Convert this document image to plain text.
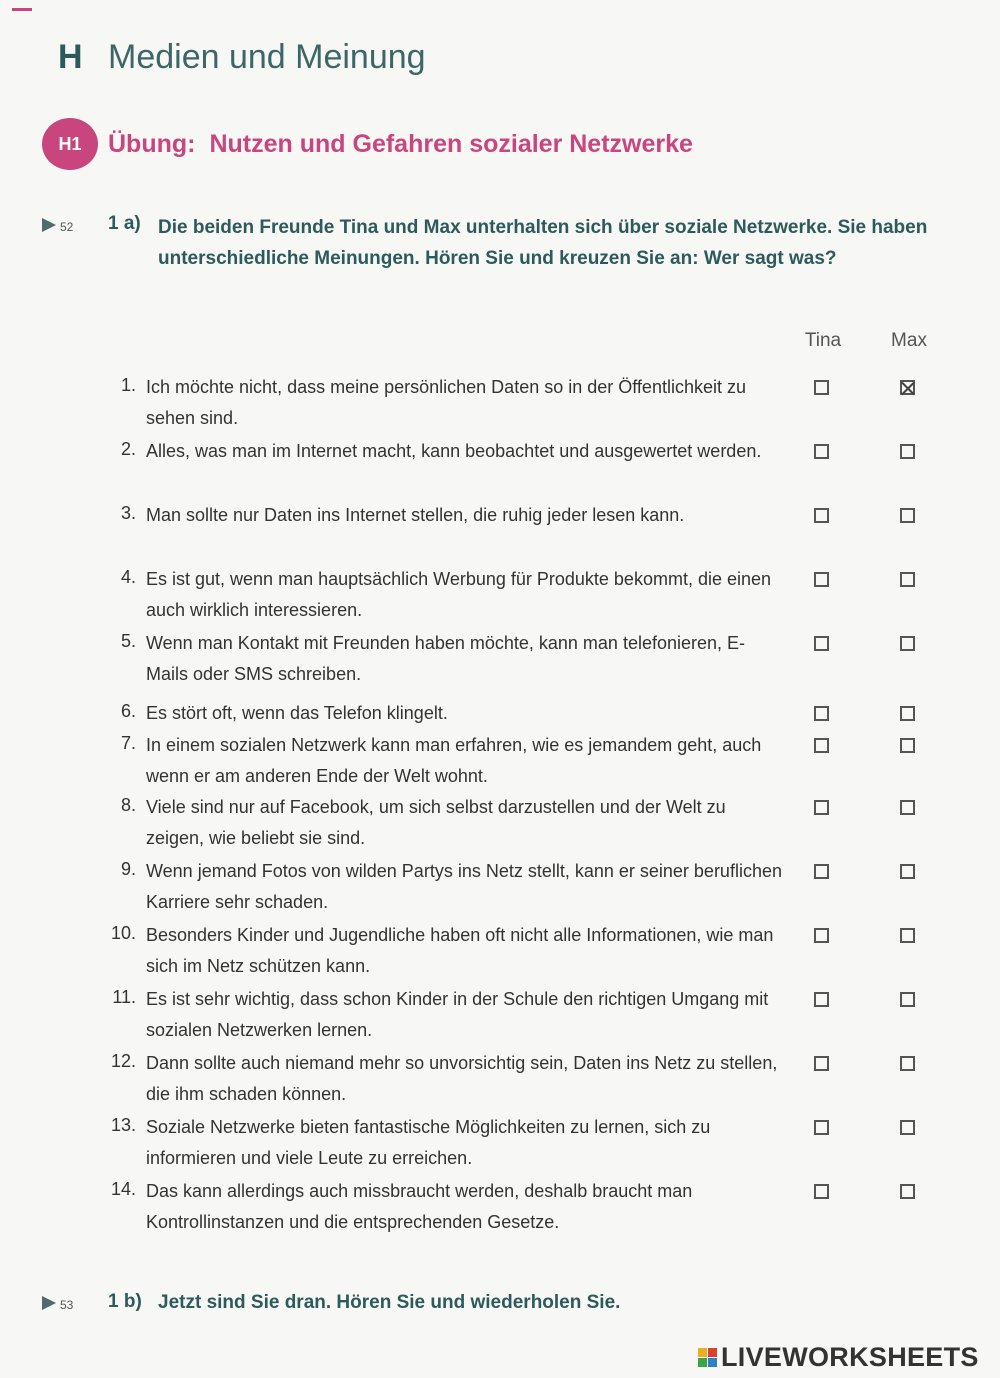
H Medien und Meinung
H1	Übung: Nutzen und Gefahren sozialer Netzwerke
52 1 a) Die beiden Freunde Tina und Max unterhalten sich über soziale Netzwerke. Sie haben unterschiedliche Meinungen. Hören Sie und kreuzen Sie an: Wer sagt was?
Tina	Max
1. Ich möchte nicht, dass meine persönlichen Daten so in der Öffentlichkeit zu sehen sind.
2. Alles, was man im Internet macht, kann beobachtet und ausgewertet werden.
3. Man sollte nur Daten ins Internet stellen, die ruhig jeder lesen kann.
4. Es ist gut, wenn man hauptsächlich Werbung für Produkte bekommt, die einen auch wirklich interessieren.
5. Wenn man Kontakt mit Freunden haben möchte, kann man telefonieren, E-Mails oder SMS schreiben.
6. Es stört oft, wenn das Telefon klingelt.
7. In einem sozialen Netzwerk kann man erfahren, wie es jemandem geht, auch wenn er am anderen Ende der Welt wohnt.
8. Viele sind nur auf Facebook, um sich selbst darzustellen und der Welt zu zeigen, wie beliebt sie sind.
9. Wenn jemand Fotos von wilden Partys ins Netz stellt, kann er seiner beruflichen Karriere sehr schaden.
10. Besonders Kinder und Jugendliche haben oft nicht alle Informationen, wie man sich im Netz schützen kann.
11. Es ist sehr wichtig, dass schon Kinder in der Schule den richtigen Umgang mit sozialen Netzwerken lernen.
12. Dann sollte auch niemand mehr so unvorsichtig sein, Daten ins Netz zu stellen, die ihm schaden können.
13. Soziale Netzwerke bieten fantastische Möglichkeiten zu lernen, sich zu informieren und viele Leute zu erreichen.
14. Das kann allerdings auch missbraucht werden, deshalb braucht man Kontrollinstanzen und die entsprechenden Gesetze.
53 1 b) Jetzt sind Sie dran. Hören Sie und wiederholen Sie.
LIVEWORKSHEETS
